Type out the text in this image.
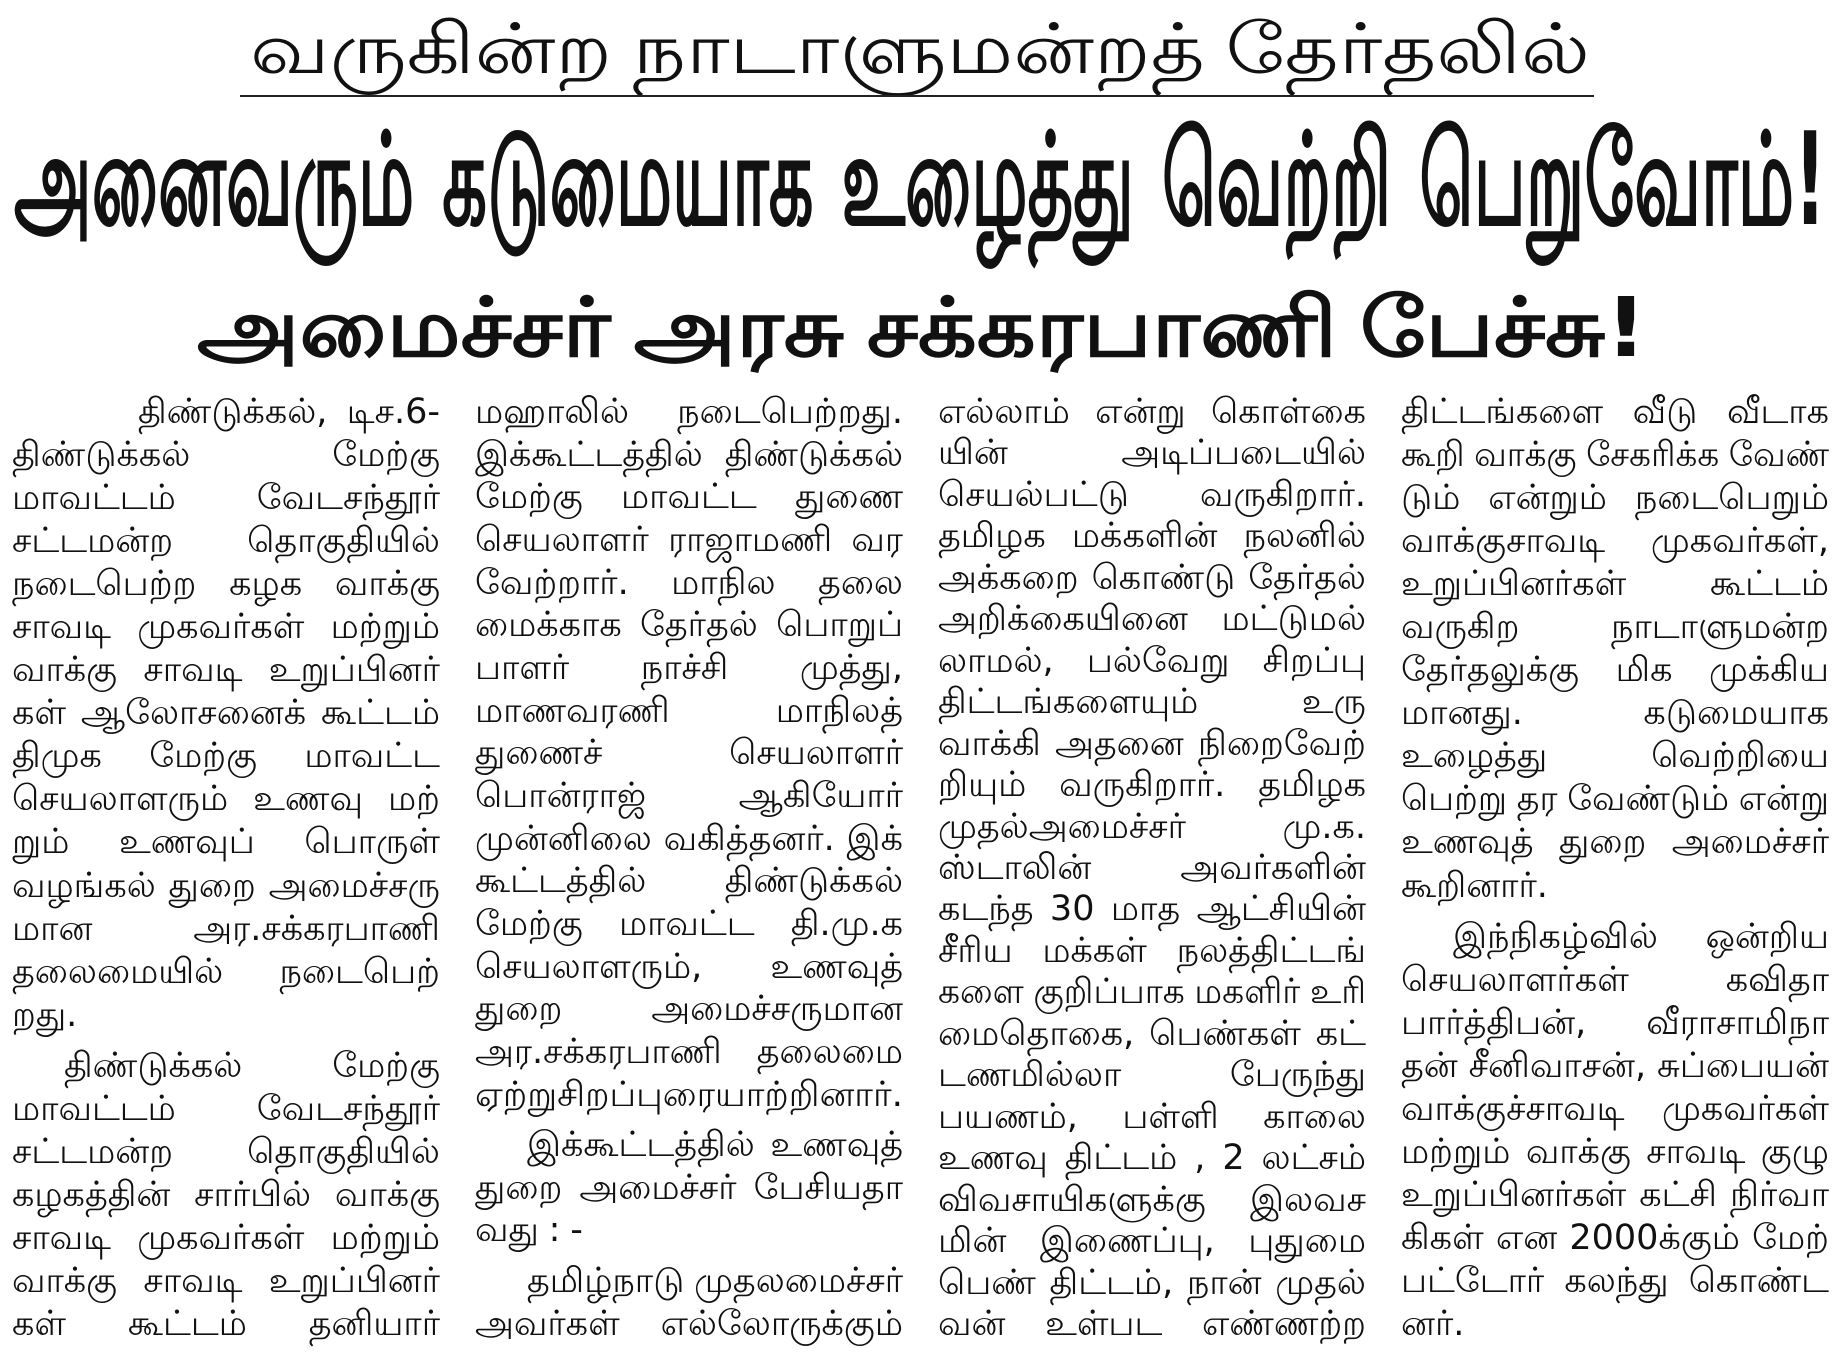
வருகின்ற நாடாளுமன்றத் தேர்தலில்
அனைவரும் கடுமையாக உழைத்து வெற்றி பெறுவோம்!
அமைச்சர் அரசு சக்கரபாணி பேச்சு!
திண்டுக்கல், டிச.6-
திண்டுக்கல்	மேற்கு
மாவட்டம் வேடசந்தூர்
சட்டமன்ற தொகுதியில்
நடைபெற்ற கழக வாக்கு
சாவடி முகவர்கள் மற்றும்
வாக்கு சாவடி உறுப்பினர்
கள் ஆலோசனைக் கூட்டம்
திமுக மேற்கு மாவட்ட
செயலாளரும் உணவு மற்
றும் உணவுப் பொருள்
வழங்கல் துறை அமைச்சரு
மான	அர.சக்கரபாணி
தலைமையில் நடைபெற்
றது.
திண்டுக்கல்	மேற்கு
மாவட்டம் வேடசந்தூர்
சட்டமன்ற தொகுதியில்
கழகத்தின் சார்பில் வாக்கு
சாவடி முகவர்கள் மற்றும்
வாக்கு சாவடி உறுப்பினர்
கள் கூட்டம் தனியார்
மஹாலில் நடைபெற்றது.
இக்கூட்டத்தில் திண்டுக்கல்
மேற்கு மாவட்ட துணை
செயலாளர் ராஜாமணி வர
வேற்றார். மாநில தலை
மைக்காக தேர்தல் பொறுப்
பாளர் நாச்சி முத்து,
மாணவரணி	மாநிலத்
துணைச்	செயலாளர்
பொன்ராஜ்	ஆகியோர்
முன்னிலை வகித்தனர். இக்
கூட்டத்தில் திண்டுக்கல்
மேற்கு மாவட்ட தி.மு.க
செயலாளரும், உணவுத்
துறை	அமைச்சருமான
அர.சக்கரபாணி தலைமை
ஏற்றுசிறப்புரையாற்றினார்.
இக்கூட்டத்தில் உணவுத்
துறை அமைச்சர் பேசியதா
வது : -
தமிழ்நாடு முதலமைச்சர்
அவர்கள் எல்லோருக்கும்
எல்லாம் என்று கொள்கை
யின்	அடிப்படையில்
செயல்பட்டு வருகிறார்.
தமிழக மக்களின் நலனில்
அக்கறை கொண்டு தேர்தல்
அறிக்கையினை மட்டுமல்
லாமல், பல்வேறு சிறப்பு
திட்டங்களையும்	உரு
வாக்கி அதனை நிறைவேற்
றியும் வருகிறார். தமிழக
முதல்அமைச்சர்	மு.க.
ஸ்டாலின்	அவர்களின்
கடந்த 30 மாத ஆட்சியின்
சீரிய மக்கள் நலத்திட்டங்
களை குறிப்பாக மகளிர் உரி
மைதொகை, பெண்கள் கட்
டணமில்லா	பேருந்து
பயணம், பள்ளி காலை
உணவு திட்டம் , 2 லட்சம்
விவசாயிகளுக்கு இலவச
மின் இணைப்பு, புதுமை
பெண் திட்டம், நான் முதல்
வன் உள்பட எண்ணற்ற
திட்டங்களை வீடு வீடாக
கூறி வாக்கு சேகரிக்க வேண்
டும் என்றும் நடைபெறும்
வாக்குசாவடி முகவர்கள்,
உறுப்பினர்கள் கூட்டம்
வருகிற	நாடாளுமன்ற
தேர்தலுக்கு மிக முக்கிய
மானது.	கடுமையாக
உழைத்து	வெற்றியை
பெற்று தர வேண்டும் என்று
உணவுத் துறை அமைச்சர்
கூறினார்.
இந்நிகழ்வில் ஒன்றிய
செயலாளர்கள்	கவிதா
பார்த்திபன், வீராசாமிநா
தன் சீனிவாசன், சுப்பையன்
வாக்குச்சாவடி முகவர்கள்
மற்றும் வாக்கு சாவடி குழு
உறுப்பினர்கள் கட்சி நிர்வா
கிகள் என 2000க்கும் மேற்
பட்டோர் கலந்து கொண்ட
னர்.
